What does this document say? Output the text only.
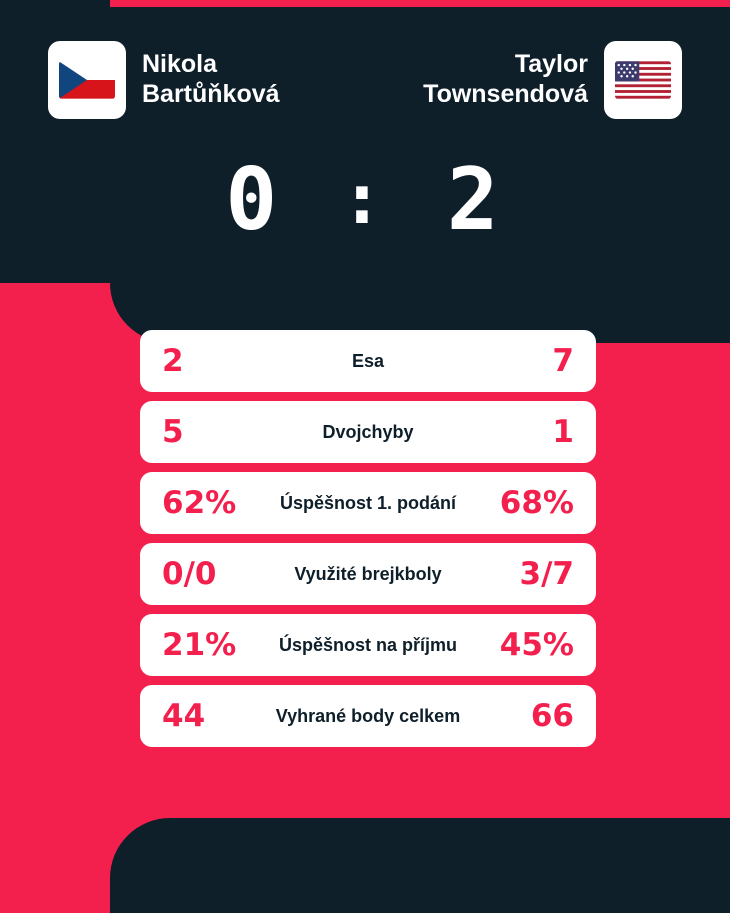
Nikola
Bartůňková
Taylor
Townsendová
0 : 2
2	Esa	7
5	Dvojchyby	1
62%	Úspěšnost 1. podání	68%
0/0	Využité brejkboly	3/7
21%	Úspěšnost na příjmu	45%
44	Vyhrané body celkem	66
